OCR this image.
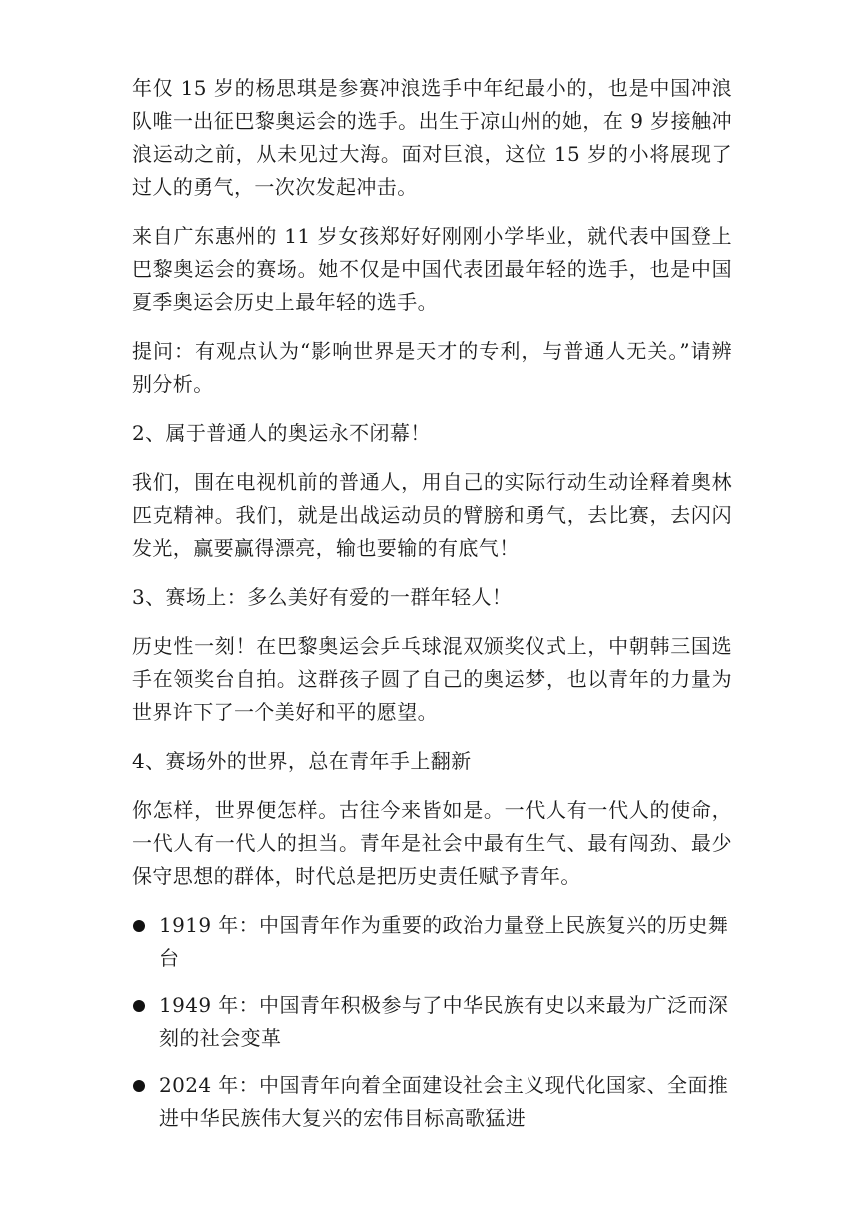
年仅 15 岁的杨思琪是参赛冲浪选手中年纪最小的，也是中国冲浪队唯一出征巴黎奥运会的选手。出生于凉山州的她，在 9 岁接触冲浪运动之前，从未见过大海。面对巨浪，这位 15 岁的小将展现了过人的勇气，一次次发起冲击。

来自广东惠州的 11 岁女孩郑好好刚刚小学毕业，就代表中国登上巴黎奥运会的赛场。她不仅是中国代表团最年轻的选手，也是中国夏季奥运会历史上最年轻的选手。

提问：有观点认为“影响世界是天才的专利，与普通人无关。”请辨别分析。

2、属于普通人的奥运永不闭幕！

我们，围在电视机前的普通人，用自己的实际行动生动诠释着奥林匹克精神。我们，就是出战运动员的臂膀和勇气，去比赛，去闪闪发光，赢要赢得漂亮，输也要输的有底气！

3、赛场上：多么美好有爱的一群年轻人！

历史性一刻！在巴黎奥运会乒乓球混双颁奖仪式上，中朝韩三国选手在领奖台自拍。这群孩子圆了自己的奥运梦，也以青年的力量为世界许下了一个美好和平的愿望。

4、赛场外的世界，总在青年手上翻新

你怎样，世界便怎样。古往今来皆如是。一代人有一代人的使命，一代人有一代人的担当。青年是社会中最有生气、最有闯劲、最少保守思想的群体，时代总是把历史责任赋予青年。

1919 年：中国青年作为重要的政治力量登上民族复兴的历史舞台
1949 年：中国青年积极参与了中华民族有史以来最为广泛而深刻的社会变革
2024 年：中国青年向着全面建设社会主义现代化国家、全面推进中华民族伟大复兴的宏伟目标高歌猛进
